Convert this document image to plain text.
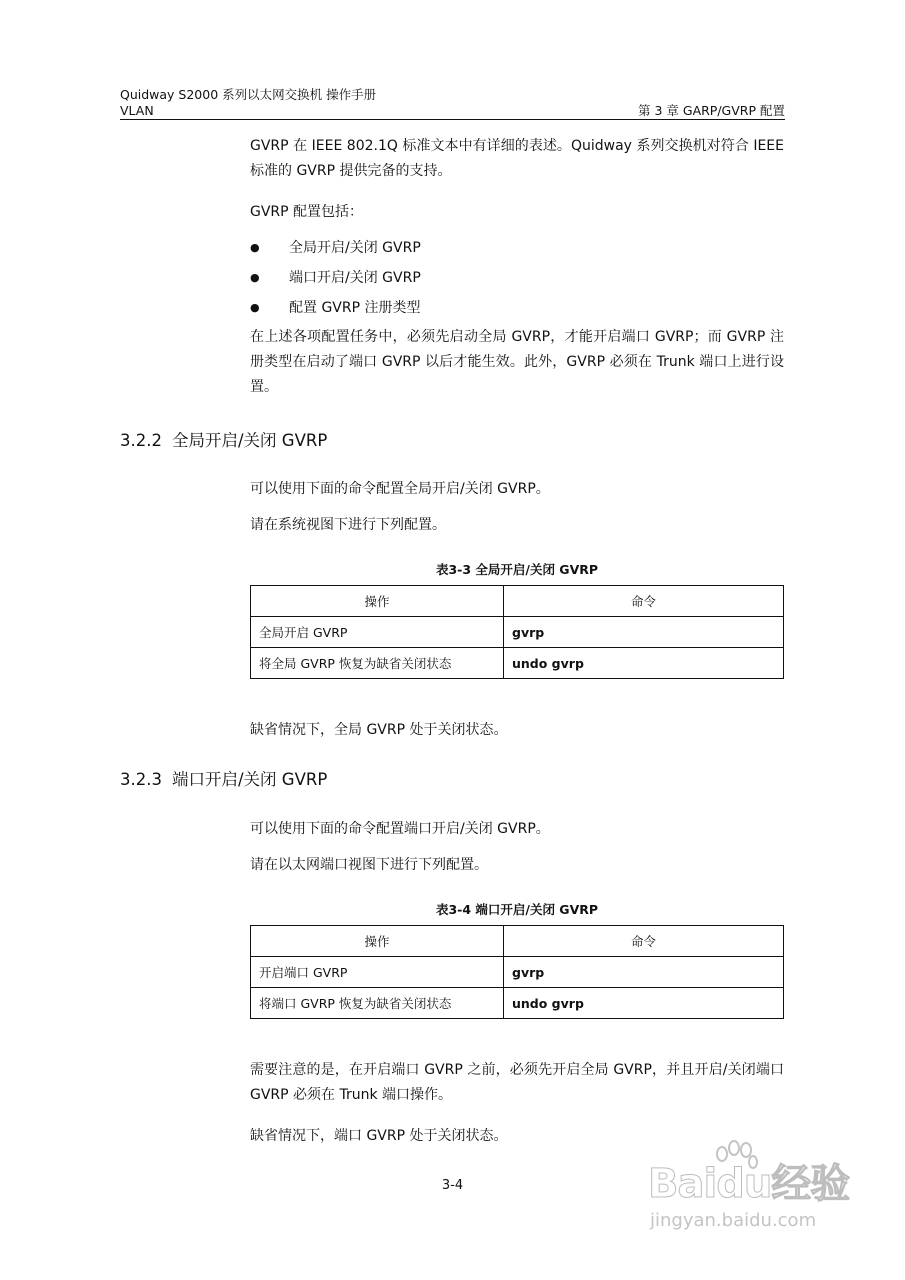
Quidway S2000 系列以太网交换机 操作手册
VLAN	第 3 章 GARP/GVRP 配置

GVRP 在 IEEE 802.1Q 标准文本中有详细的表述。Quidway 系列交换机对符合 IEEE 标准的 GVRP 提供完备的支持。

GVRP 配置包括：

●	全局开启/关闭 GVRP
●	端口开启/关闭 GVRP
●	配置 GVRP 注册类型

在上述各项配置任务中，必须先启动全局 GVRP，才能开启端口 GVRP；而 GVRP 注册类型在启动了端口 GVRP 以后才能生效。此外，GVRP 必须在 Trunk 端口上进行设置。

3.2.2 全局开启/关闭 GVRP

可以使用下面的命令配置全局开启/关闭 GVRP。

请在系统视图下进行下列配置。

表3-3 全局开启/关闭 GVRP
操作	命令
全局开启 GVRP	gvrp
将全局 GVRP 恢复为缺省关闭状态	undo gvrp

缺省情况下，全局 GVRP 处于关闭状态。

3.2.3 端口开启/关闭 GVRP

可以使用下面的命令配置端口开启/关闭 GVRP。

请在以太网端口视图下进行下列配置。

表3-4 端口开启/关闭 GVRP
操作	命令
开启端口 GVRP	gvrp
将端口 GVRP 恢复为缺省关闭状态	undo gvrp

需要注意的是，在开启端口 GVRP 之前，必须先开启全局 GVRP，并且开启/关闭端口 GVRP 必须在 Trunk 端口操作。

缺省情况下，端口 GVRP 处于关闭状态。

3-4	Baidu经验
jingyan.baidu.com
